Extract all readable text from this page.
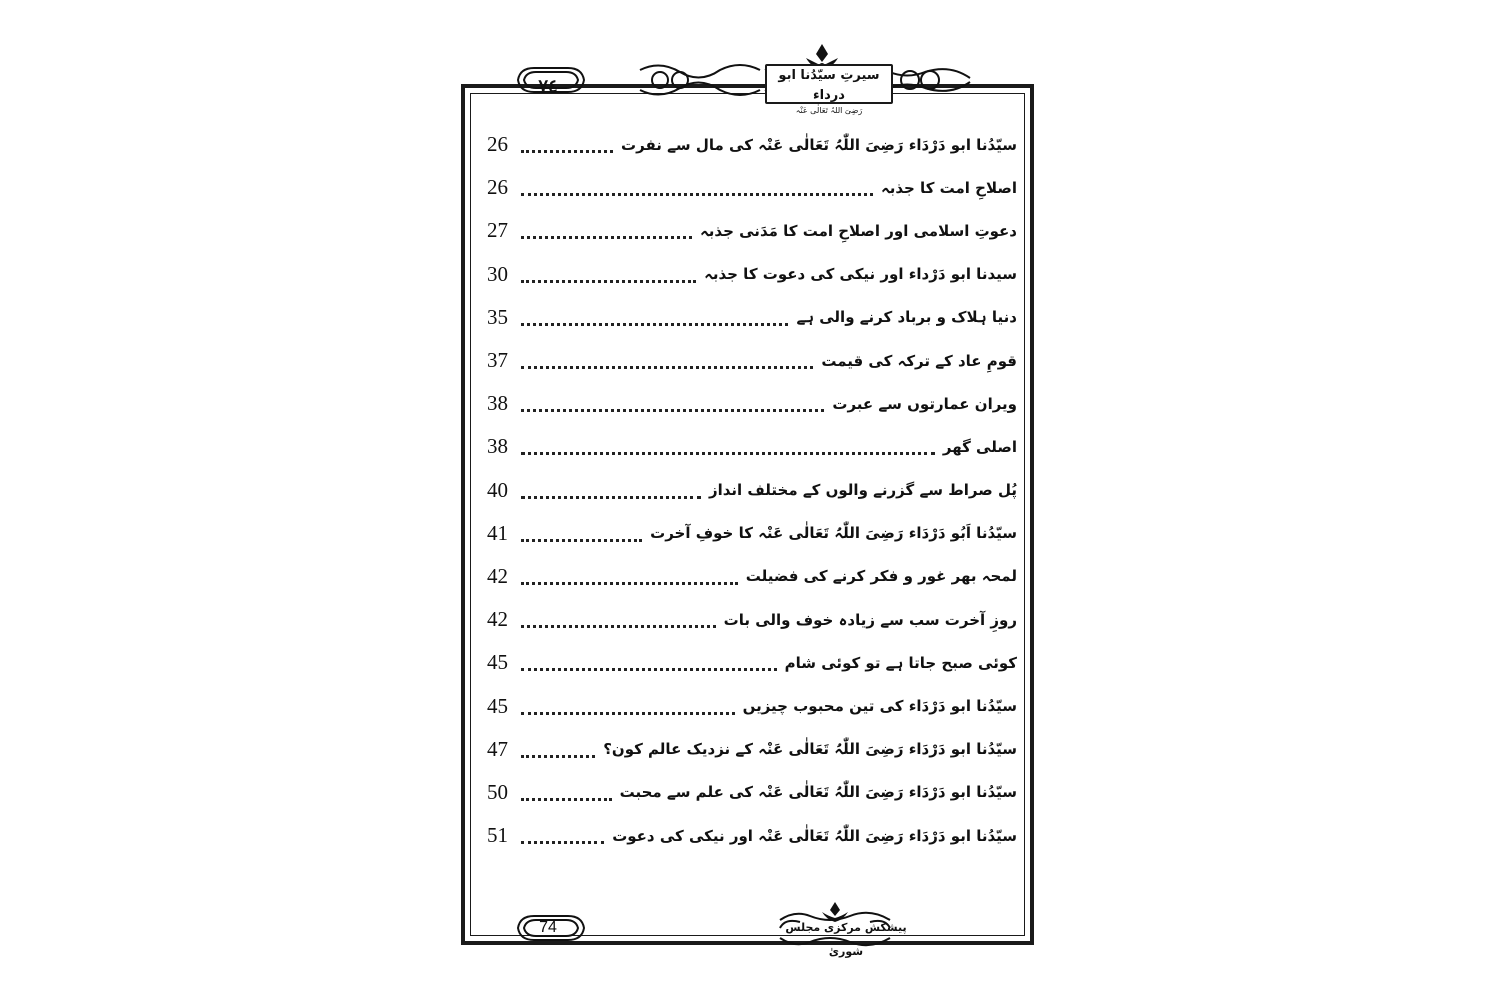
٧٤
سیرتِ سیّدُنا ابو درداء
رَضِیَ اللہُ تَعَالٰی عَنْہ
26	سیّدُنا ابو دَرْدَاء رَضِیَ اللّٰہُ تَعَالٰی عَنْہ کی مال سے نفرت
26	اصلاحِ امت کا جذبہ
27	دعوتِ اسلامی اور اصلاحِ امت کا مَدَنی جذبہ
30	سیدنا ابو دَرْداء اور نیکی کی دعوت کا جذبہ
35	دنیا ہلاک و برباد کرنے والی ہے
37	قومِ عاد کے ترکہ کی قیمت
38	ویران عمارتوں سے عبرت
38	اصلی گھر
40	پُل صراط سے گزرنے والوں کے مختلف انداز
41	سیّدُنا اَبُو دَرْدَاء رَضِیَ اللّٰہُ تَعَالٰی عَنْہ کا خوفِ آخرت
42	لمحہ بھر غور و فکر کرنے کی فضیلت
42	روزِ آخرت سب سے زیادہ خوف والی بات
45	کوئی صبح جاتا ہے تو کوئی شام
45	سیّدُنا ابو دَرْدَاء کی تین محبوب چیزیں
47	سیّدُنا ابو دَرْدَاء رَضِیَ اللّٰہُ تَعَالٰی عَنْہ کے نزدیک عالم کون؟
50	سیّدُنا ابو دَرْدَاء رَضِیَ اللّٰہُ تَعَالٰی عَنْہ کی علم سے محبت
51	سیّدُنا ابو دَرْدَاء رَضِیَ اللّٰہُ تَعَالٰی عَنْہ اور نیکی کی دعوت
74	پیشکش مرکزی مجلس شوریٰ
